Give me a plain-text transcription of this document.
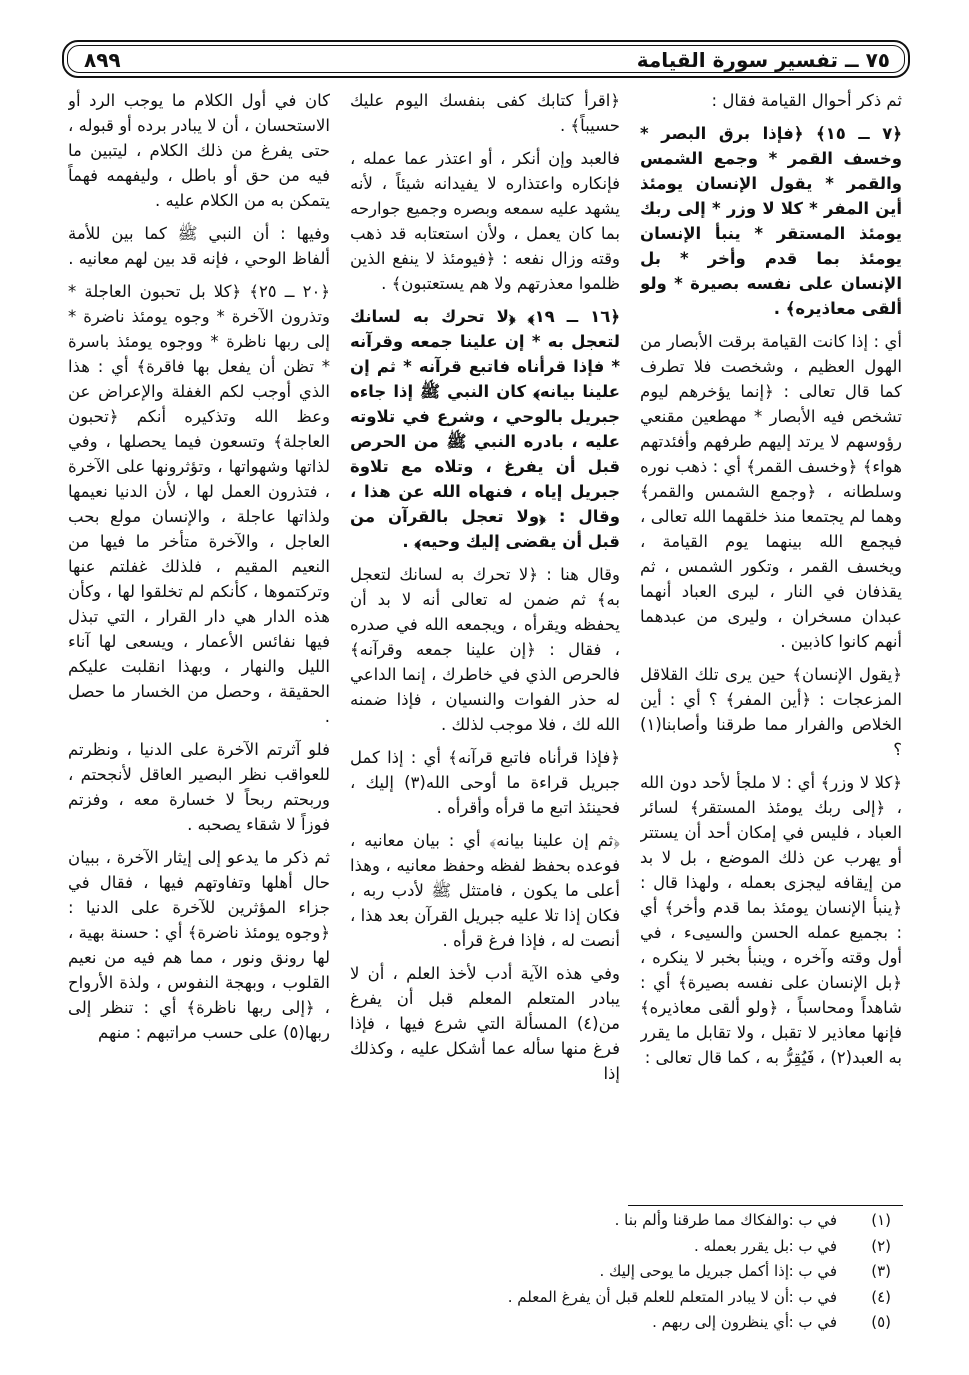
٧٥ ــ تفسير سورة القيامة
٨٩٩

ثم ذكر أحوال القيامة فقال :

﴿٧ ــ ١٥﴾ ﴿فإذا برق البصر * وخسف القمر * وجمع الشمس والقمر * يقول الإنسان يومئذ أين المفر * كلا لا وزر * إلى ربك يومئذ المستقر * ينبأ الإنسان يومئذ بما قدم وأخر * بل الإنسان على نفسه بصيرة * ولو ألقى معاذيره﴾ .

أي : إذا كانت القيامة برقت الأبصار من الهول العظيم ، وشخصت فلا تطرف كما قال تعالى : ﴿إنما يؤخرهم ليوم تشخص فيه الأبصار * مهطعين مقنعي رؤوسهم لا يرتد إليهم طرفهم وأفئدتهم هواء﴾ ﴿وخسف القمر﴾ أي : ذهب نوره وسلطانه ، ﴿وجمع الشمس والقمر﴾ وهما لم يجتمعا منذ خلقهما الله تعالى ، فيجمع الله بينهما يوم القيامة ، ويخسف القمر ، وتكور الشمس ، ثم يقذفان في النار ، ليرى العباد أنهما عبدان مسخران ، وليرى من عبدهما أنهم كانوا كاذبين .

﴿يقول الإنسان﴾ حين يرى تلك القلاقل المزعجات : ﴿أين المفر﴾ ؟ أي : أين الخلاص والفرار مما طرقنا وأصابنا(١) ؟

﴿كلا لا وزر﴾ أي : لا ملجأ لأحد دون الله ، ﴿إلى ربك يومئذ المستقر﴾ لسائر العباد ، فليس في إمكان أحد أن يستتر أو يهرب عن ذلك الموضع ، بل لا بد من إيقافه ليجزى بعمله ، ولهذا قال : ﴿ينبأ الإنسان يومئذ بما قدم وأخر﴾ أي : بجميع عمله الحسن والسيىء ، في أول وقته وآخره ، وينبأ بخبر لا ينكره ، ﴿بل الإنسان على نفسه بصيرة﴾ أي : شاهداً ومحاسباً ، ﴿ولو ألقى معاذيره﴾ فإنها معاذير لا تقبل ، ولا تقابل ما يقرر به العبد(٢) ، فَيُقِرُّ به ، كما قال تعالى :

﴿اقرأ كتابك كفى بنفسك اليوم عليك حسيباً﴾ .

فالعبد وإن أنكر ، أو اعتذر عما عمله ، فإنكاره واعتذاره لا يفيدانه شيئاً ، لأنه يشهد عليه سمعه وبصره وجميع جوارحه بما كان يعمل ، ولأن استعتابه قد ذهب وقته وزال نفعه : ﴿فيومئذ لا ينفع الذين ظلموا معذرتهم ولا هم يستعتبون﴾ .

﴿١٦ ــ ١٩﴾ ﴿لا تحرك به لسانك لتعجل به * إن علينا جمعه وقرآنه * فإذا قرأناه فاتبع قرآنه * ثم إن علينا بيانه﴾ كان النبي ﷺ إذا جاءه جبريل بالوحي ، وشرع في تلاوته عليه ، بادره النبي ﷺ من الحرص قبل أن يفرغ ، وتلاه مع تلاوة جبريل إياه ، فنهاه الله عن هذا ، وقال : ﴿ولا تعجل بالقرآن من قبل أن يقضى إليك وحيه﴾ .

وقال هنا : ﴿لا تحرك به لسانك لتعجل به﴾ ثم ضمن له تعالى أنه لا بد أن يحفظه ويقرأه ، ويجمعه الله في صدره ، فقال : ﴿إن علينا جمعه وقرآنه﴾ فالحرص الذي في خاطرك ، إنما الداعي له حذر الفوات والنسيان ، فإذا ضمنه الله لك ، فلا موجب لذلك .

﴿فإذا قرأناه فاتبع قرآنه﴾ أي : إذا كمل جبريل قراءة ما أوحى الله(٣) إليك ، فحينئذ اتبع ما قرأه وأقرأه .

﴿ثم إن علينا بيانه﴾ أي : بيان معانيه ، فوعده بحفظ لفظه وحفظ معانيه ، وهذا أعلى ما يكون ، فامتثل ﷺ لأدب ربه ، فكان إذا تلا عليه جبريل القرآن بعد هذا ، أنصت له ، فإذا فرغ قرأه .

وفي هذه الآية أدب لأخذ العلم ، أن لا يبادر المتعلم المعلم قبل أن يفرغ من(٤) المسألة التي شرع فيها ، فإذا فرغ منها سأله عما أشكل عليه ، وكذلك إذا

كان في أول الكلام ما يوجب الرد أو الاستحسان ، أن لا يبادر برده أو قبوله ، حتى يفرغ من ذلك الكلام ، ليتبين ما فيه من حق أو باطل ، وليفهمه فهماً يتمكن به من الكلام عليه .

وفيها : أن النبي ﷺ كما بين للأمة ألفاظ الوحي ، فإنه قد بين لهم معانيه .

﴿٢٠ ــ ٢٥﴾ ﴿كلا بل تحبون العاجلة * وتذرون الآخرة * وجوه يومئذ ناضرة * إلى ربها ناظرة * ووجوه يومئذ باسرة * تظن أن يفعل بها فاقرة﴾ أي : هذا الذي أوجب لكم الغفلة والإعراض عن وعظ الله وتذكيره أنكم ﴿تحبون العاجلة﴾ وتسعون فيما يحصلها ، وفي لذاتها وشهواتها ، وتؤثرونها على الآخرة ، فتذرون العمل لها ، لأن الدنيا نعيمها ولذاتها عاجلة ، والإنسان مولع بحب العاجل ، والآخرة متأخر ما فيها من النعيم المقيم ، فلذلك غفلتم عنها وتركتموها ، كأنكم لم تخلقوا لها ، وكأن هذه الدار هي دار القرار ، التي تبذل فيها نفائس الأعمار ، ويسعى لها آناء الليل والنهار ، وبهذا انقلبت عليكم الحقيقة ، وحصل من الخسار ما حصل .

فلو آثرتم الآخرة على الدنيا ، ونظرتم للعواقب نظر البصير العاقل لأنجحتم ، وربحتم ربحاً لا خسارة معه ، وفزتم فوزاً لا شقاء يصحبه .

ثم ذكر ما يدعو إلى إيثار الآخرة ، ببيان حال أهلها وتفاوتهم فيها ، فقال في جزاء المؤثرين للآخرة على الدنيا : ﴿وجوه يومئذ ناضرة﴾ أي : حسنة بهية ، لها رونق ونور ، مما هم فيه من نعيم القلوب ، وبهجة النفوس ، ولذة الأرواح ، ﴿إلى ربها ناظرة﴾ أي : تنظر إلى ربها(٥) على حسب مراتبهم : منهم

(١)في ب :والفكاك مما طرقنا وألم بنا .
(٢)في ب :بل يقرر بعمله .
(٣)في ب :إذا أكمل جبريل ما يوحى إليك .
(٤)في ب :أن لا يبادر المتعلم للعلم قبل أن يفرغ المعلم .
(٥)في ب :أي ينظرون إلى ربهم .
